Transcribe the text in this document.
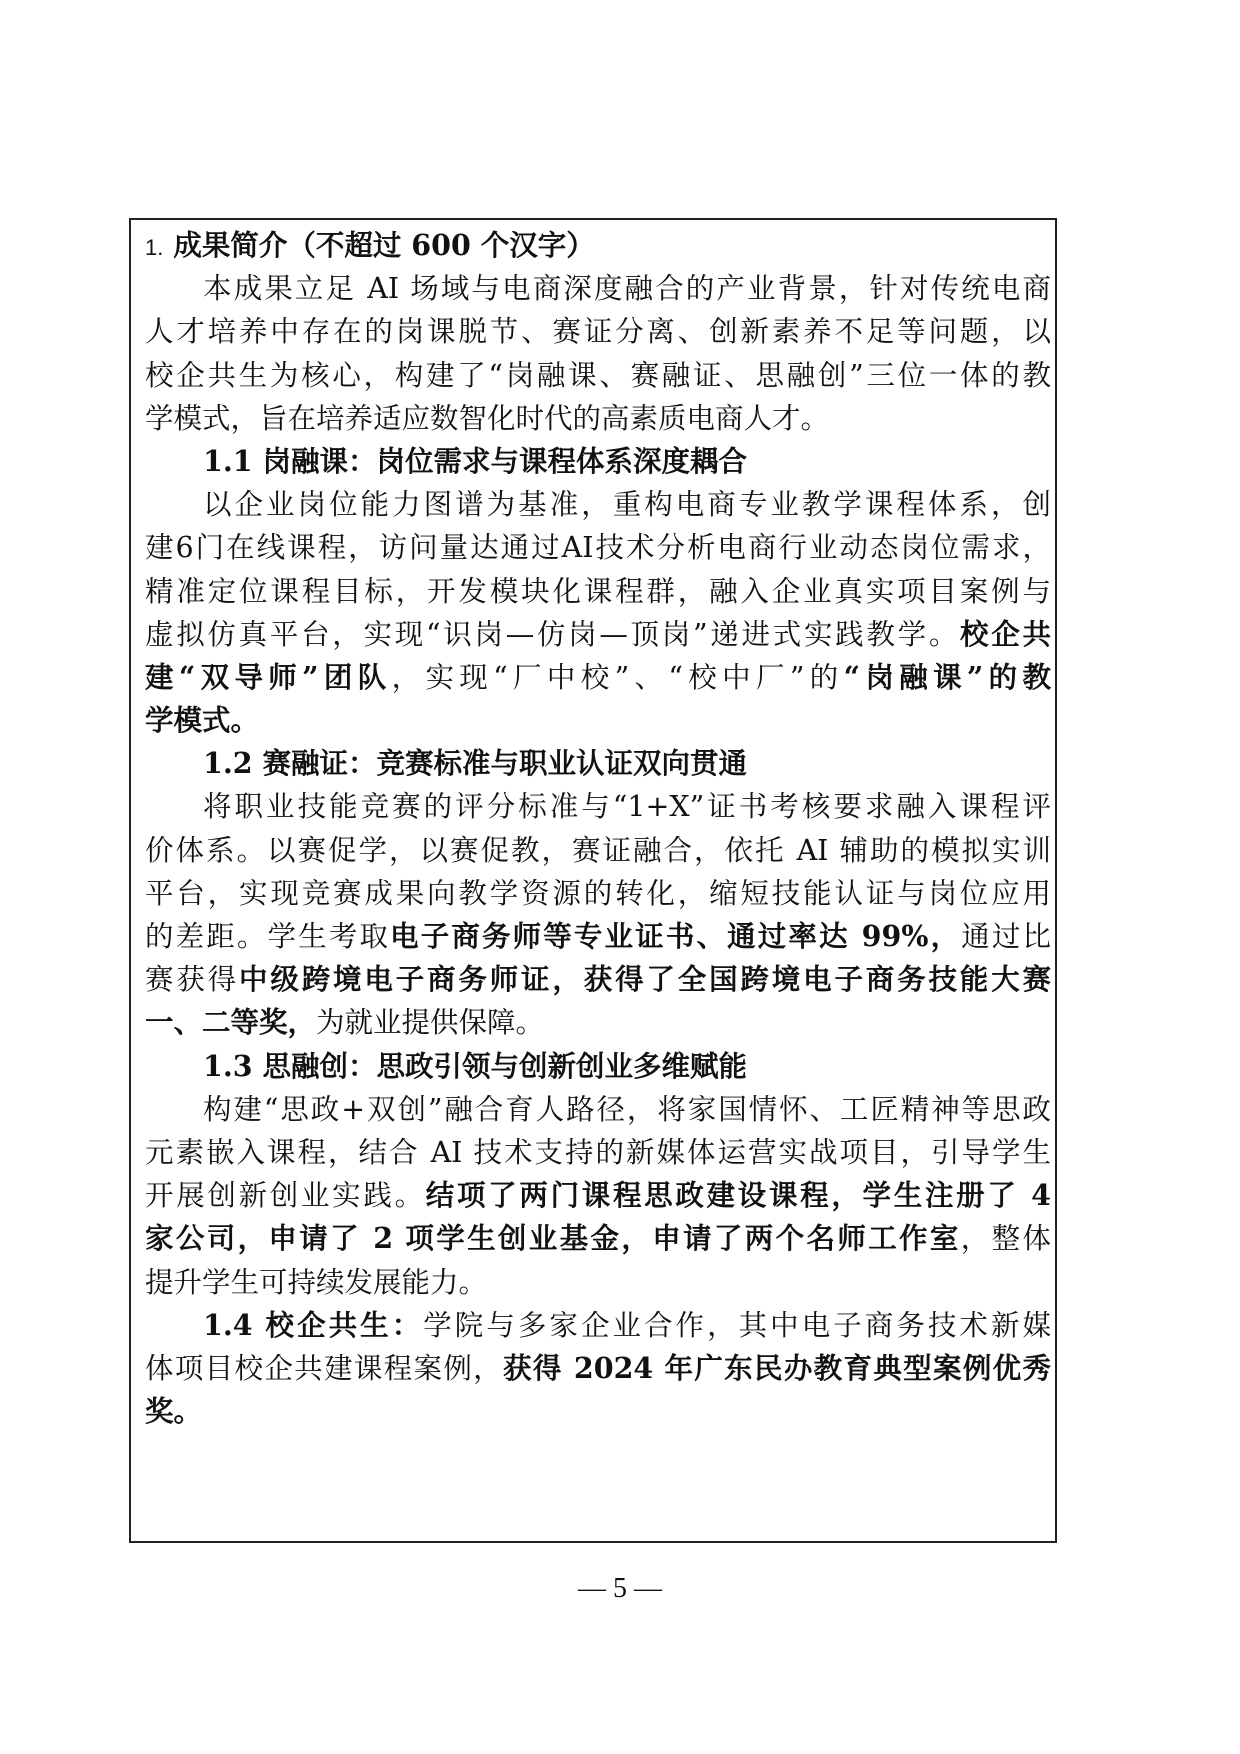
1. 成果简介（不超过 600 个汉字）
本成果立足 AI 场域与电商深度融合的产业背景，针对传统电商
人才培养中存在的岗课脱节、赛证分离、创新素养不足等问题，以
校企共生为核心，构建了“岗融课、赛融证、思融创”三位一体的教
学模式，旨在培养适应数智化时代的高素质电商人才。
1.1 岗融课：岗位需求与课程体系深度耦合
以企业岗位能力图谱为基准，重构电商专业教学课程体系，创
建6门在线课程，访问量达通过AI技术分析电商行业动态岗位需求，
精准定位课程目标，开发模块化课程群，融入企业真实项目案例与
虚拟仿真平台，实现“识岗—仿岗—顶岗”递进式实践教学。校企共
建“双导师”团队，实现“厂中校”、“校中厂”的“岗融课”的教
学模式。
1.2 赛融证：竞赛标准与职业认证双向贯通
将职业技能竞赛的评分标准与“1+X”证书考核要求融入课程评
价体系。以赛促学，以赛促教，赛证融合，依托 AI 辅助的模拟实训
平台，实现竞赛成果向教学资源的转化，缩短技能认证与岗位应用
的差距。学生考取电子商务师等专业证书、通过率达 99%，通过比
赛获得中级跨境电子商务师证，获得了全国跨境电子商务技能大赛
一、二等奖，为就业提供保障。
1.3 思融创：思政引领与创新创业多维赋能
构建“思政+双创”融合育人路径，将家国情怀、工匠精神等思政
元素嵌入课程，结合 AI 技术支持的新媒体运营实战项目，引导学生
开展创新创业实践。结项了两门课程思政建设课程，学生注册了 4
家公司，申请了 2 项学生创业基金，申请了两个名师工作室，整体
提升学生可持续发展能力。
1.4 校企共生：学院与多家企业合作，其中电子商务技术新媒
体项目校企共建课程案例，获得 2024 年广东民办教育典型案例优秀
奖。
— 5 —
